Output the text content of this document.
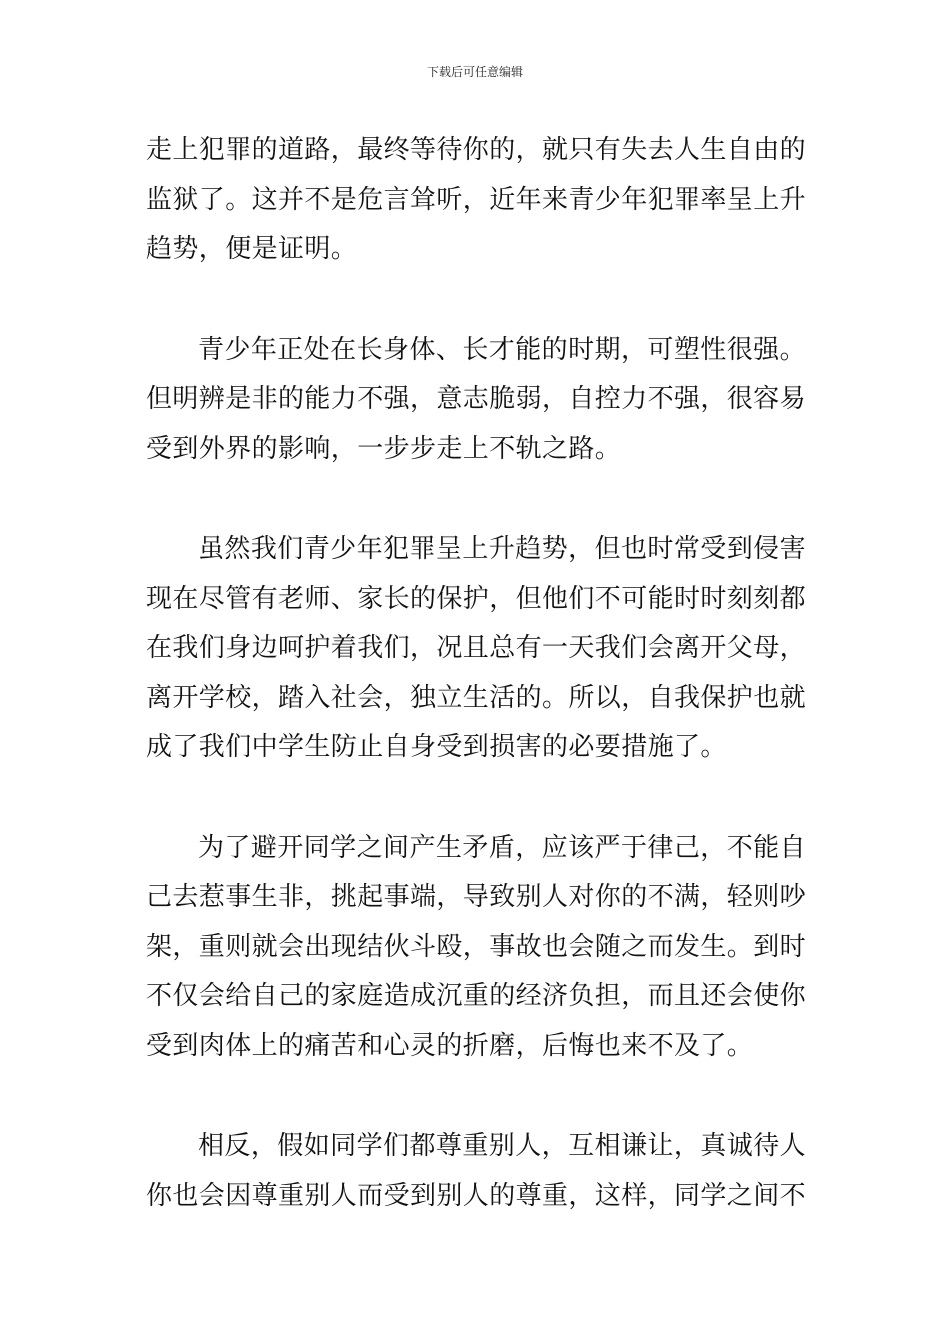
下载后可任意编辑

走上犯罪的道路，最终等待你的，就只有失去人生自由的监狱了。这并不是危言耸听，近年来青少年犯罪率呈上升趋势，便是证明。

青少年正处在长身体、长才能的时期，可塑性很强。但明辨是非的能力不强，意志脆弱，自控力不强，很容易受到外界的影响，一步步走上不轨之路。

虽然我们青少年犯罪呈上升趋势，但也时常受到侵害现在尽管有老师、家长的保护，但他们不可能时时刻刻都在我们身边呵护着我们，况且总有一天我们会离开父母，离开学校，踏入社会，独立生活的。所以，自我保护也就成了我们中学生防止自身受到损害的必要措施了。

为了避开同学之间产生矛盾，应该严于律己，不能自己去惹事生非，挑起事端，导致别人对你的不满，轻则吵架，重则就会出现结伙斗殴，事故也会随之而发生。到时不仅会给自己的家庭造成沉重的经济负担，而且还会使你受到肉体上的痛苦和心灵的折磨，后悔也来不及了。

相反，假如同学们都尊重别人，互相谦让，真诚待人你也会因尊重别人而受到别人的尊重，这样，同学之间不
